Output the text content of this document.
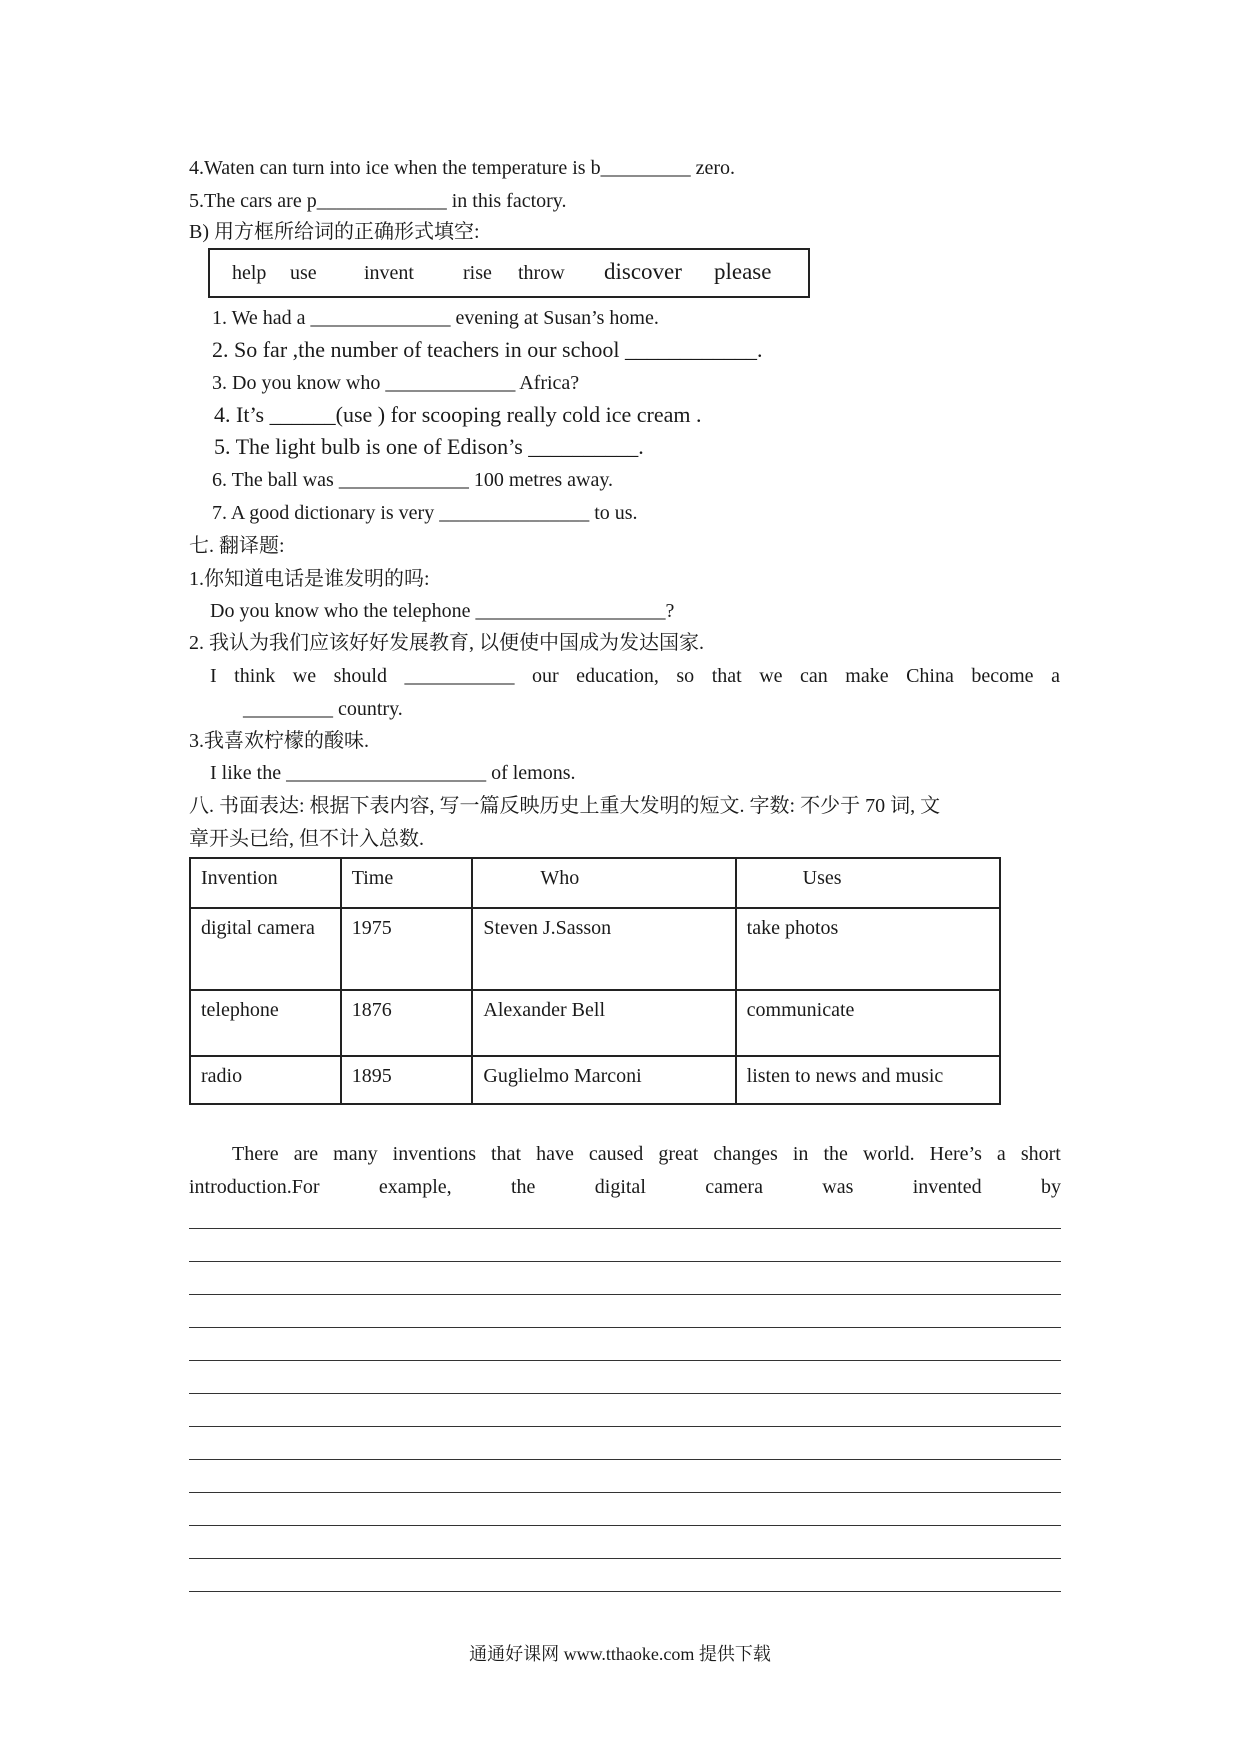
4.Waten can turn into ice when the temperature is b_________ zero.
5.The cars are p_____________ in this factory.
B) 用方框所给词的正确形式填空:
help use invent rise throw discover please
1. We had a ______________ evening at Susan’s home.
2. So far ,the number of teachers in our school ____________.
3. Do you know who _____________ Africa?
4. It’s ______(use ) for scooping really cold ice cream .
5. The light bulb is one of Edison’s __________.
6. The ball was _____________ 100 metres away.
7. A good dictionary is very _______________ to us.
七. 翻译题:
1.你知道电话是谁发明的吗:
Do you know who the telephone ___________________?
2. 我认为我们应该好好发展教育, 以便使中国成为发达国家.
I think we should ___________ our education, so that we can make China become a
_________ country.
3.我喜欢柠檬的酸味.
I like the ____________________ of lemons.
八. 书面表达: 根据下表内容, 写一篇反映历史上重大发明的短文. 字数: 不少于 70 词, 文
章开头已给, 但不计入总数.
Invention	Time	Who	Uses
digital camera	1975	Steven J.Sasson	take photos
telephone	1876	Alexander Bell	communicate
radio	1895	Guglielmo Marconi	listen to news and music
There are many inventions that have caused great changes in the world. Here’s a short
introduction.For	example,	the	digital	camera	was	invented	by
通通好课网 www.tthaoke.com 提供下载
